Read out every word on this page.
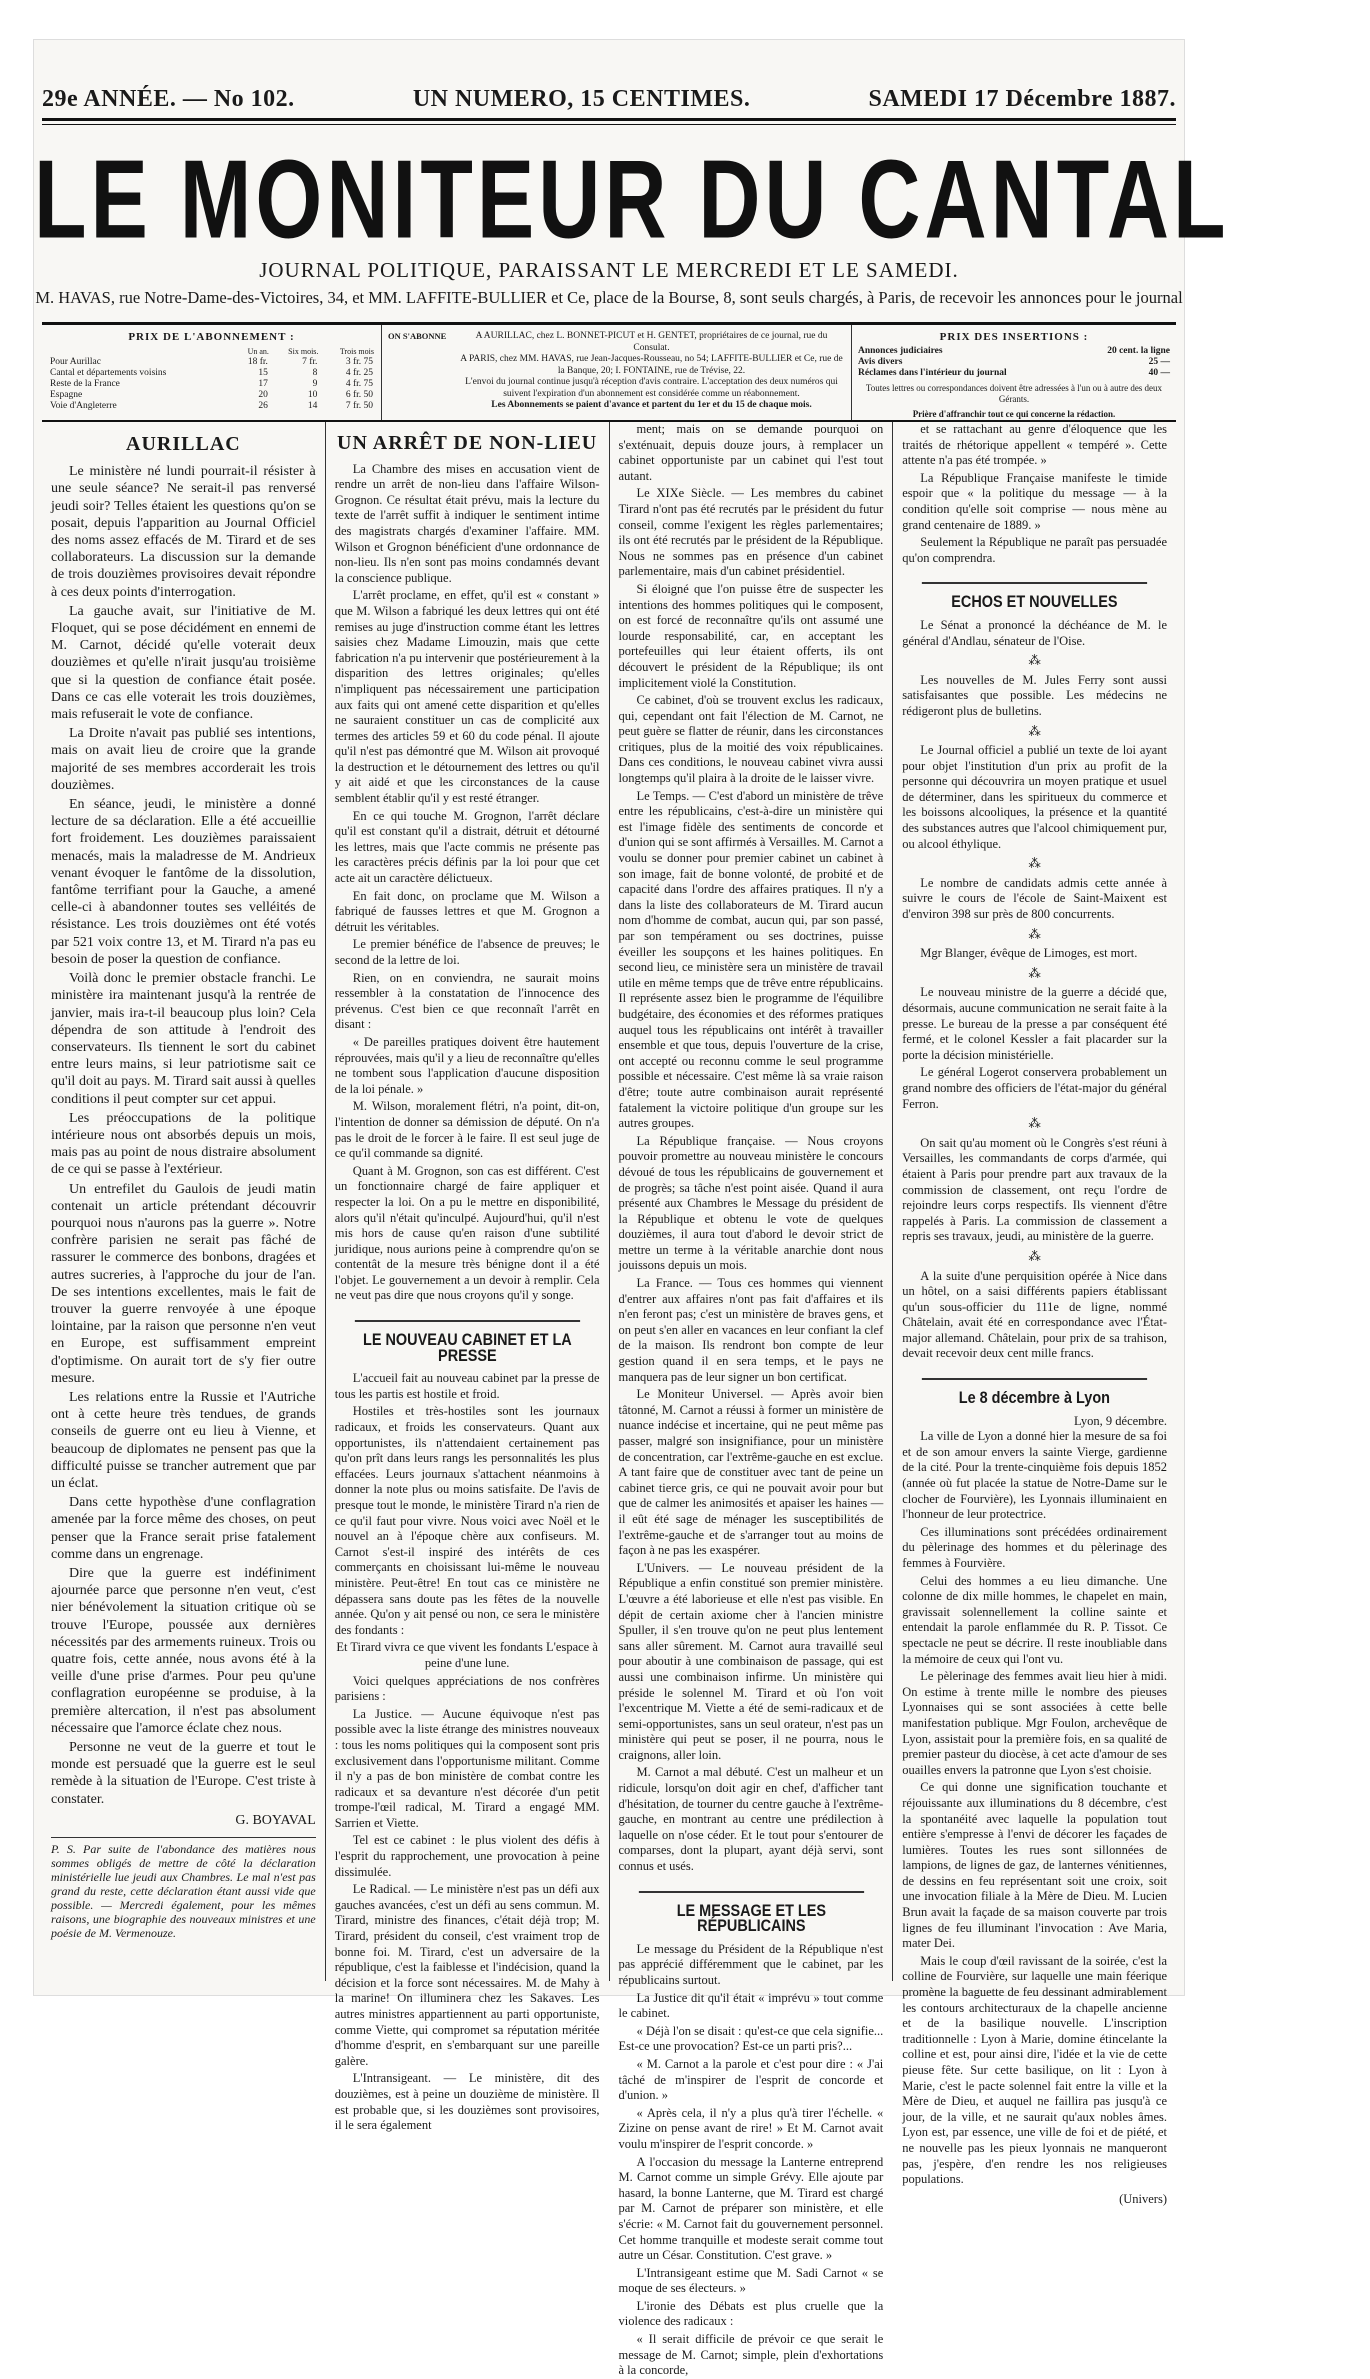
29e ANNÉE. — No 102.	UN NUMERO, 15 CENTIMES.	SAMEDI 17 Décembre 1887.
LE MONITEUR DU CANTAL
JOURNAL POLITIQUE, PARAISSANT LE MERCREDI ET LE SAMEDI.
M. HAVAS, rue Notre-Dame-des-Victoires, 34, et MM. LAFFITE-BULLIER et Ce, place de la Bourse, 8, sont seuls chargés, à Paris, de recevoir les annonces pour le journal
PRIX DE L'ABONNEMENT :
	Un an.	Six mois.	Trois mois
Pour Aurillac	18 fr.	7 fr.	3 fr. 75
Cantal et départements voisins	15	8	4 fr. 25
Reste de la France	17	9	4 fr. 75
Espagne	20	10	6 fr. 50
Voie d'Angleterre	26	14	7 fr. 50
ON S'ABONNE	A AURILLAC, chez L. BONNET-PICUT et H. GENTET, propriétaires de ce journal, rue du Consulat.
A PARIS, chez MM. HAVAS, rue Jean-Jacques-Rousseau, no 54; LAFFITE-BULLIER et Ce, rue de la Banque, 20; I. FONTAINE, rue de Trévise, 22.
L'envoi du journal continue jusqu'à réception d'avis contraire. L'acceptation des deux numéros qui suivent l'expiration d'un abonnement est considérée comme un réabonnement.
Les Abonnements se paient d'avance et partent du 1er et du 15 de chaque mois.
PRIX DES INSERTIONS :
Annonces judiciaires	20 cent. la ligne
Avis divers	25 —
Réclames dans l'intérieur du journal	40 —

Toutes lettres ou correspondances doivent être adressées à l'un ou à autre des deux Gérants.

Prière d'affranchir tout ce qui concerne la rédaction.

AURILLAC

Le ministère né lundi pourrait-il résister à une seule séance? Ne serait-il pas renversé jeudi soir? Telles étaient les questions qu'on se posait, depuis l'apparition au Journal Officiel des noms assez effacés de M. Tirard et de ses collaborateurs. La discussion sur la demande de trois douzièmes provisoires devait répondre à ces deux points d'interrogation.

La gauche avait, sur l'initiative de M. Floquet, qui se pose décidément en ennemi de M. Carnot, décidé qu'elle voterait deux douzièmes et qu'elle n'irait jusqu'au troisième que si la question de confiance était posée. Dans ce cas elle voterait les trois douzièmes, mais refuserait le vote de confiance.

La Droite n'avait pas publié ses intentions, mais on avait lieu de croire que la grande majorité de ses membres accorderait les trois douzièmes.

En séance, jeudi, le ministère a donné lecture de sa déclaration. Elle a été accueillie fort froidement. Les douzièmes paraissaient menacés, mais la maladresse de M. Andrieux venant évoquer le fantôme de la dissolution, fantôme terrifiant pour la Gauche, a amené celle-ci à abandonner toutes ses velléités de résistance. Les trois douzièmes ont été votés par 521 voix contre 13, et M. Tirard n'a pas eu besoin de poser la question de confiance.

Voilà donc le premier obstacle franchi. Le ministère ira maintenant jusqu'à la rentrée de janvier, mais ira-t-il beaucoup plus loin? Cela dépendra de son attitude à l'endroit des conservateurs. Ils tiennent le sort du cabinet entre leurs mains, si leur patriotisme sait ce qu'il doit au pays. M. Tirard sait aussi à quelles conditions il peut compter sur cet appui.

Les préoccupations de la politique intérieure nous ont absorbés depuis un mois, mais pas au point de nous distraire absolument de ce qui se passe à l'extérieur.

Un entrefilet du Gaulois de jeudi matin contenait un article prétendant découvrir pourquoi nous n'aurons pas la guerre ». Notre confrère parisien ne serait pas fâché de rassurer le commerce des bonbons, dragées et autres sucreries, à l'approche du jour de l'an. De ses intentions excellentes, mais le fait de trouver la guerre renvoyée à une époque lointaine, par la raison que personne n'en veut en Europe, est suffisamment empreint d'optimisme. On aurait tort de s'y fier outre mesure.

Les relations entre la Russie et l'Autriche ont à cette heure très tendues, de grands conseils de guerre ont eu lieu à Vienne, et beaucoup de diplomates ne pensent pas que la difficulté puisse se trancher autrement que par un éclat.

Dans cette hypothèse d'une conflagration amenée par la force même des choses, on peut penser que la France serait prise fatalement comme dans un engrenage.

Dire que la guerre est indéfiniment ajournée parce que personne n'en veut, c'est nier bénévolement la situation critique où se trouve l'Europe, poussée aux dernières nécessités par des armements ruineux. Trois ou quatre fois, cette année, nous avons été à la veille d'une prise d'armes. Pour peu qu'une conflagration européenne se produise, à la première altercation, il n'est pas absolument nécessaire que l'amorce éclate chez nous.

Personne ne veut de la guerre et tout le monde est persuadé que la guerre est le seul remède à la situation de l'Europe. C'est triste à constater.

G. BOYAVAL
P. S. Par suite de l'abondance des matières nous sommes obligés de mettre de côté la déclaration ministérielle lue jeudi aux Chambres. Le mal n'est pas grand du reste, cette déclaration étant aussi vide que possible. — Mercredi également, pour les mêmes raisons, une biographie des nouveaux ministres et une poésie de M. Vermenouze.
UN ARRÊT DE NON-LIEU

La Chambre des mises en accusation vient de rendre un arrêt de non-lieu dans l'affaire Wilson-Grognon. Ce résultat était prévu, mais la lecture du texte de l'arrêt suffit à indiquer le sentiment intime des magistrats chargés d'examiner l'affaire. MM. Wilson et Grognon bénéficient d'une ordonnance de non-lieu. Ils n'en sont pas moins condamnés devant la conscience publique.

L'arrêt proclame, en effet, qu'il est « constant » que M. Wilson a fabriqué les deux lettres qui ont été remises au juge d'instruction comme étant les lettres saisies chez Madame Limouzin, mais que cette fabrication n'a pu intervenir que postérieurement à la disparition des lettres originales; qu'elles n'impliquent pas nécessairement une participation aux faits qui ont amené cette disparition et qu'elles ne sauraient constituer un cas de complicité aux termes des articles 59 et 60 du code pénal. Il ajoute qu'il n'est pas démontré que M. Wilson ait provoqué la destruction et le détournement des lettres ou qu'il y ait aidé et que les circonstances de la cause semblent établir qu'il y est resté étranger.

En ce qui touche M. Grognon, l'arrêt déclare qu'il est constant qu'il a distrait, détruit et détourné les lettres, mais que l'acte commis ne présente pas les caractères précis définis par la loi pour que cet acte ait un caractère délictueux.

En fait donc, on proclame que M. Wilson a fabriqué de fausses lettres et que M. Grognon a détruit les véritables.

Le premier bénéfice de l'absence de preuves; le second de la lettre de loi.

Rien, on en conviendra, ne saurait moins ressembler à la constatation de l'innocence des prévenus. C'est bien ce que reconnaît l'arrêt en disant :

« De pareilles pratiques doivent être hautement réprouvées, mais qu'il y a lieu de reconnaître qu'elles ne tombent sous l'application d'aucune disposition de la loi pénale. »

M. Wilson, moralement flétri, n'a point, dit-on, l'intention de donner sa démission de député. On n'a pas le droit de le forcer à le faire. Il est seul juge de ce qu'il commande sa dignité.

Quant à M. Grognon, son cas est différent. C'est un fonctionnaire chargé de faire appliquer et respecter la loi. On a pu le mettre en disponibilité, alors qu'il n'était qu'inculpé. Aujourd'hui, qu'il n'est mis hors de cause qu'en raison d'une subtilité juridique, nous aurions peine à comprendre qu'on se contentât de la mesure très bénigne dont il a été l'objet. Le gouvernement a un devoir à remplir. Cela ne veut pas dire que nous croyons qu'il y songe.

LE NOUVEAU CABINET ET LA PRESSE

L'accueil fait au nouveau cabinet par la presse de tous les partis est hostile et froid.

Hostiles et très-hostiles sont les journaux radicaux, et froids les conservateurs. Quant aux opportunistes, ils n'attendaient certainement pas qu'on prît dans leurs rangs les personnalités les plus effacées. Leurs journaux s'attachent néanmoins à donner la note plus ou moins satisfaite. De l'avis de presque tout le monde, le ministère Tirard n'a rien de ce qu'il faut pour vivre. Nous voici avec Noël et le nouvel an à l'époque chère aux confiseurs. M. Carnot s'est-il inspiré des intérêts de ces commerçants en choisissant lui-même le nouveau ministère. Peut-être! En tout cas ce ministère ne dépassera sans doute pas les fêtes de la nouvelle année. Qu'on y ait pensé ou non, ce sera le ministère des fondants :

Et Tirard vivra ce que vivent les fondants L'espace à peine d'une lune.

Voici quelques appréciations de nos confrères parisiens :

La Justice. — Aucune équivoque n'est pas possible avec la liste étrange des ministres nouveaux : tous les noms politiques qui la composent sont pris exclusivement dans l'opportunisme militant. Comme il n'y a pas de bon ministère de combat contre les radicaux et sa devanture n'est décorée d'un petit trompe-l'œil radical, M. Tirard a engagé MM. Sarrien et Viette.

Tel est ce cabinet : le plus violent des défis à l'esprit du rapprochement, une provocation à peine dissimulée.

Le Radical. — Le ministère n'est pas un défi aux gauches avancées, c'est un défi au sens commun. M. Tirard, ministre des finances, c'était déjà trop; M. Tirard, président du conseil, c'est vraiment trop de bonne foi. M. Tirard, c'est un adversaire de la république, c'est la faiblesse et l'indécision, quand la décision et la force sont nécessaires. M. de Mahy à la marine! On illuminera chez les Sakaves. Les autres ministres appartiennent au parti opportuniste, comme Viette, qui compromet sa réputation méritée d'homme d'esprit, en s'embarquant sur une pareille galère.

L'Intransigeant. — Le ministère, dit des douzièmes, est à peine un douzième de ministère. Il est probable que, si les douzièmes sont provisoires, il le sera également

ment; mais on se demande pourquoi on s'exténuait, depuis douze jours, à remplacer un cabinet opportuniste par un cabinet qui l'est tout autant.

Le XIXe Siècle. — Les membres du cabinet Tirard n'ont pas été recrutés par le président du futur conseil, comme l'exigent les règles parlementaires; ils ont été recrutés par le président de la République. Nous ne sommes pas en présence d'un cabinet parlementaire, mais d'un cabinet présidentiel.

Si éloigné que l'on puisse être de suspecter les intentions des hommes politiques qui le composent, on est forcé de reconnaître qu'ils ont assumé une lourde responsabilité, car, en acceptant les portefeuilles qui leur étaient offerts, ils ont découvert le président de la République; ils ont implicitement violé la Constitution.

Ce cabinet, d'où se trouvent exclus les radicaux, qui, cependant ont fait l'élection de M. Carnot, ne peut guère se flatter de réunir, dans les circonstances critiques, plus de la moitié des voix républicaines. Dans ces conditions, le nouveau cabinet vivra aussi longtemps qu'il plaira à la droite de le laisser vivre.

Le Temps. — C'est d'abord un ministère de trêve entre les républicains, c'est-à-dire un ministère qui est l'image fidèle des sentiments de concorde et d'union qui se sont affirmés à Versailles. M. Carnot a voulu se donner pour premier cabinet un cabinet à son image, fait de bonne volonté, de probité et de capacité dans l'ordre des affaires pratiques. Il n'y a dans la liste des collaborateurs de M. Tirard aucun nom d'homme de combat, aucun qui, par son passé, par son tempérament ou ses doctrines, puisse éveiller les soupçons et les haines politiques. En second lieu, ce ministère sera un ministère de travail utile en même temps que de trêve entre républicains. Il représente assez bien le programme de l'équilibre budgétaire, des économies et des réformes pratiques auquel tous les républicains ont intérêt à travailler ensemble et que tous, depuis l'ouverture de la crise, ont accepté ou reconnu comme le seul programme possible et nécessaire. C'est même là sa vraie raison d'être; toute autre combinaison aurait représenté fatalement la victoire politique d'un groupe sur les autres groupes.

La République française. — Nous croyons pouvoir promettre au nouveau ministère le concours dévoué de tous les républicains de gouvernement et de progrès; sa tâche n'est point aisée. Quand il aura présenté aux Chambres le Message du président de la République et obtenu le vote de quelques douzièmes, il aura tout d'abord le devoir strict de mettre un terme à la véritable anarchie dont nous jouissons depuis un mois.

La France. — Tous ces hommes qui viennent d'entrer aux affaires n'ont pas fait d'affaires et ils n'en feront pas; c'est un ministère de braves gens, et on peut s'en aller en vacances en leur confiant la clef de la maison. Ils rendront bon compte de leur gestion quand il en sera temps, et le pays ne manquera pas de leur signer un bon certificat.

Le Moniteur Universel. — Après avoir bien tâtonné, M. Carnot a réussi à former un ministère de nuance indécise et incertaine, qui ne peut même pas passer, malgré son insignifiance, pour un ministère de concentration, car l'extrême-gauche en est exclue. A tant faire que de constituer avec tant de peine un cabinet tierce gris, ce qui ne pouvait avoir pour but que de calmer les animosités et apaiser les haines — il eût été sage de ménager les susceptibilités de l'extrême-gauche et de s'arranger tout au moins de façon à ne pas les exaspérer.

L'Univers. — Le nouveau président de la République a enfin constitué son premier ministère. L'œuvre a été laborieuse et elle n'est pas visible. En dépit de certain axiome cher à l'ancien ministre Spuller, il s'en trouve qu'on ne peut plus lentement sans aller sûrement. M. Carnot aura travaillé seul pour aboutir à une combinaison de passage, qui est aussi une combinaison infirme. Un ministère qui préside le solennel M. Tirard et où l'on voit l'excentrique M. Viette a été de semi-radicaux et de semi-opportunistes, sans un seul orateur, n'est pas un ministère qui peut se poser, il ne pourra, nous le craignons, aller loin.

M. Carnot a mal débuté. C'est un malheur et un ridicule, lorsqu'on doit agir en chef, d'afficher tant d'hésitation, de tourner du centre gauche à l'extrême-gauche, en montrant au centre une prédilection à laquelle on n'ose céder. Et le tout pour s'entourer de comparses, dont la plupart, ayant déjà servi, sont connus et usés.

LE MESSAGE ET LES RÉPUBLICAINS

Le message du Président de la République n'est pas apprécié différemment que le cabinet, par les républicains surtout.

La Justice dit qu'il était « imprévu » tout comme le cabinet.

« Déjà l'on se disait : qu'est-ce que cela signifie... Est-ce une provocation? Est-ce un parti pris?...

« M. Carnot a la parole et c'est pour dire : « J'ai tâché de m'inspirer de l'esprit de concorde et d'union. »

« Après cela, il n'y a plus qu'à tirer l'échelle. « Zizine on pense avant de rire! » Et M. Carnot avait voulu m'inspirer de l'esprit concorde. »

A l'occasion du message la Lanterne entreprend M. Carnot comme un simple Grévy. Elle ajoute par hasard, la bonne Lanterne, que M. Tirard est chargé par M. Carnot de préparer son ministère, et elle s'écrie: « M. Carnot fait du gouvernement personnel. Cet homme tranquille et modeste serait comme tout autre un César. Constitution. C'est grave. »

L'Intransigeant estime que M. Sadi Carnot « se moque de ses électeurs. »

L'ironie des Débats est plus cruelle que la violence des radicaux :

« Il serait difficile de prévoir ce que serait le message de M. Carnot; simple, plein d'exhortations à la concorde,

et se rattachant au genre d'éloquence que les traités de rhétorique appellent « tempéré ». Cette attente n'a pas été trompée. »

La République Française manifeste le timide espoir que « la politique du message — à la condition qu'elle soit comprise — nous mène au grand centenaire de 1889. »

Seulement la République ne paraît pas persuadée qu'on comprendra.

ECHOS ET NOUVELLES

Le Sénat a prononcé la déchéance de M. le général d'Andlau, sénateur de l'Oise.

⁂

Les nouvelles de M. Jules Ferry sont aussi satisfaisantes que possible. Les médecins ne rédigeront plus de bulletins.

⁂

Le Journal officiel a publié un texte de loi ayant pour objet l'institution d'un prix au profit de la personne qui découvrira un moyen pratique et usuel de déterminer, dans les spiritueux du commerce et les boissons alcooliques, la présence et la quantité des substances autres que l'alcool chimiquement pur, ou alcool éthylique.

⁂

Le nombre de candidats admis cette année à suivre le cours de l'école de Saint-Maixent est d'environ 398 sur près de 800 concurrents.

⁂

Mgr Blanger, évêque de Limoges, est mort.

⁂

Le nouveau ministre de la guerre a décidé que, désormais, aucune communication ne serait faite à la presse. Le bureau de la presse a par conséquent été fermé, et le colonel Kessler a fait placarder sur la porte la décision ministérielle.

Le général Logerot conservera probablement un grand nombre des officiers de l'état-major du général Ferron.

⁂

On sait qu'au moment où le Congrès s'est réuni à Versailles, les commandants de corps d'armée, qui étaient à Paris pour prendre part aux travaux de la commission de classement, ont reçu l'ordre de rejoindre leurs corps respectifs. Ils viennent d'être rappelés à Paris. La commission de classement a repris ses travaux, jeudi, au ministère de la guerre.

⁂

A la suite d'une perquisition opérée à Nice dans un hôtel, on a saisi différents papiers établissant qu'un sous-officier du 111e de ligne, nommé Châtelain, avait été en correspondance avec l'État-major allemand. Châtelain, pour prix de sa trahison, devait recevoir deux cent mille francs.

Le 8 décembre à Lyon
Lyon, 9 décembre.

La ville de Lyon a donné hier la mesure de sa foi et de son amour envers la sainte Vierge, gardienne de la cité. Pour la trente-cinquième fois depuis 1852 (année où fut placée la statue de Notre-Dame sur le clocher de Fourvière), les Lyonnais illuminaient en l'honneur de leur protectrice.

Ces illuminations sont précédées ordinairement du pèlerinage des hommes et du pèlerinage des femmes à Fourvière.

Celui des hommes a eu lieu dimanche. Une colonne de dix mille hommes, le chapelet en main, gravissait solennellement la colline sainte et entendait la parole enflammée du R. P. Tissot. Ce spectacle ne peut se décrire. Il reste inoubliable dans la mémoire de ceux qui l'ont vu.

Le pèlerinage des femmes avait lieu hier à midi. On estime à trente mille le nombre des pieuses Lyonnaises qui se sont associées à cette belle manifestation publique. Mgr Foulon, archevêque de Lyon, assistait pour la première fois, en sa qualité de premier pasteur du diocèse, à cet acte d'amour de ses ouailles envers la patronne que Lyon s'est choisie.

Ce qui donne une signification touchante et réjouissante aux illuminations du 8 décembre, c'est la spontanéité avec laquelle la population tout entière s'empresse à l'envi de décorer les façades de lumières. Toutes les rues sont sillonnées de lampions, de lignes de gaz, de lanternes vénitiennes, de dessins en feu représentant soit une croix, soit une invocation filiale à la Mère de Dieu. M. Lucien Brun avait la façade de sa maison couverte par trois lignes de feu illuminant l'invocation : Ave Maria, mater Dei.

Mais le coup d'œil ravissant de la soirée, c'est la colline de Fourvière, sur laquelle une main féerique promène la baguette de feu dessinant admirablement les contours architecturaux de la chapelle ancienne et de la basilique nouvelle. L'inscription traditionnelle : Lyon à Marie, domine étincelante la colline et est, pour ainsi dire, l'idée et la vie de cette pieuse fête. Sur cette basilique, on lit : Lyon à Marie, c'est le pacte solennel fait entre la ville et la Mère de Dieu, et auquel ne faillira pas jusqu'à ce jour, de la ville, et ne saurait qu'aux nobles âmes. Lyon est, par essence, une ville de foi et de piété, et ne nouvelle pas les pieux lyonnais ne manqueront pas, j'espère, d'en rendre les nos religieuses populations.

(Univers)
